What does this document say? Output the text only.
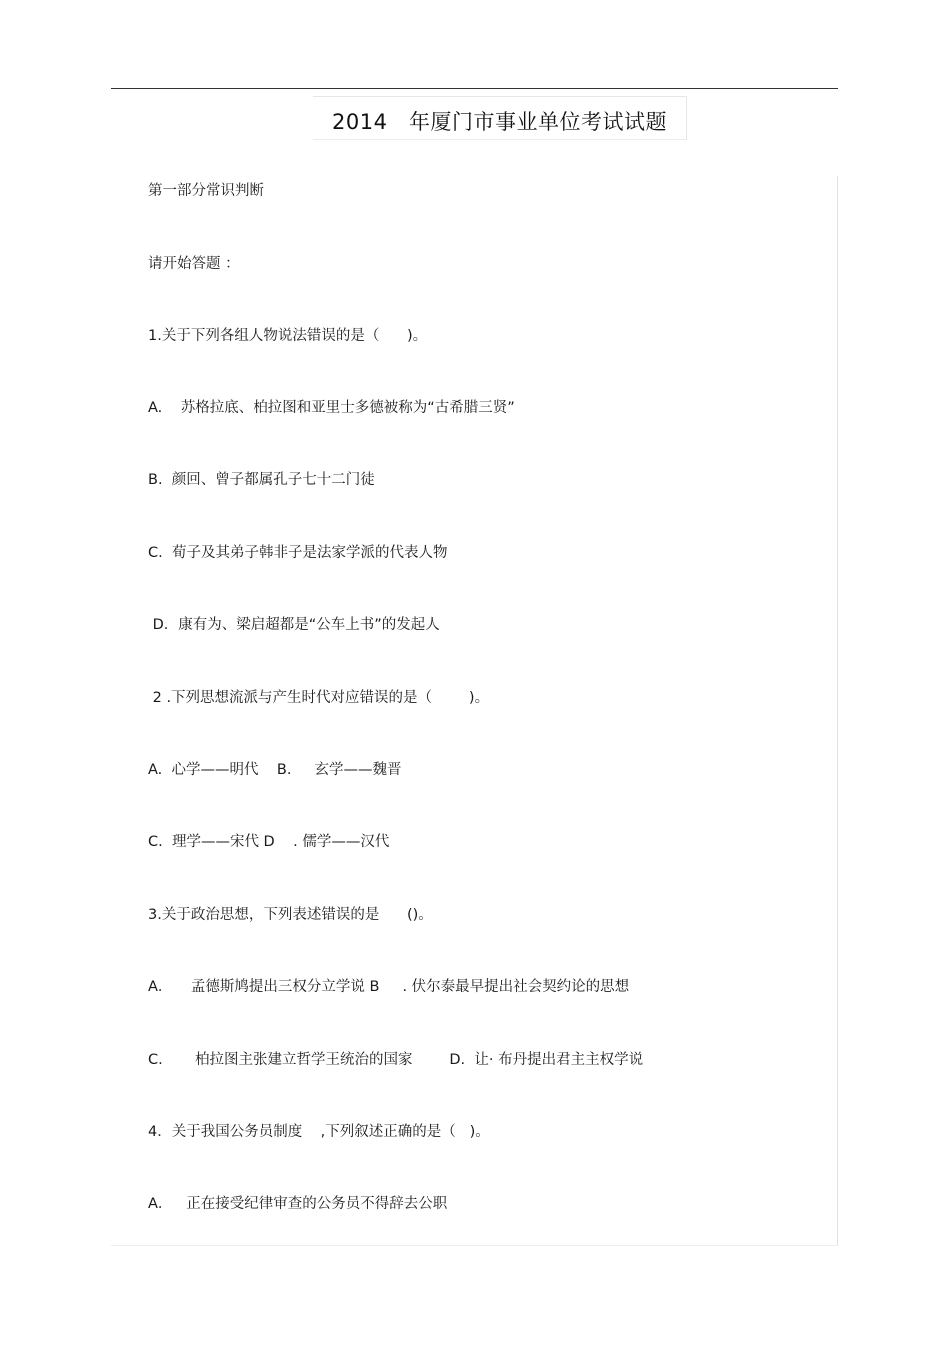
2014   年厦门市事业单位考试试题
第一部分常识判断
请开始答题 ：
1.关于下列各组人物说法错误的是（      )。
A.    苏格拉底、柏拉图和亚里士多德被称为“古希腊三贤”
B.  颜回、曾子都属孔子七十二门徒
C.  荀子及其弟子韩非子是法家学派的代表人物
D．康有为、梁启超都是“公车上书”的发起人
2 .下列思想流派与产生时代对应错误的是（        )。
A.  心学——明代    B.     玄学——魏晋
C.  理学——宋代 D    . 儒学——汉代
3.关于政治思想，下列表述错误的是      ()。
A．    孟德斯鸠提出三权分立学说 B     . 伏尔泰最早提出社会契约论的思想
C.       柏拉图主张建立哲学王统治的国家        D.  让· 布丹提出君主主权学说
4．关于我国公务员制度    ,下列叙述正确的是（   )。
A．   正在接受纪律审查的公务员不得辞去公职
